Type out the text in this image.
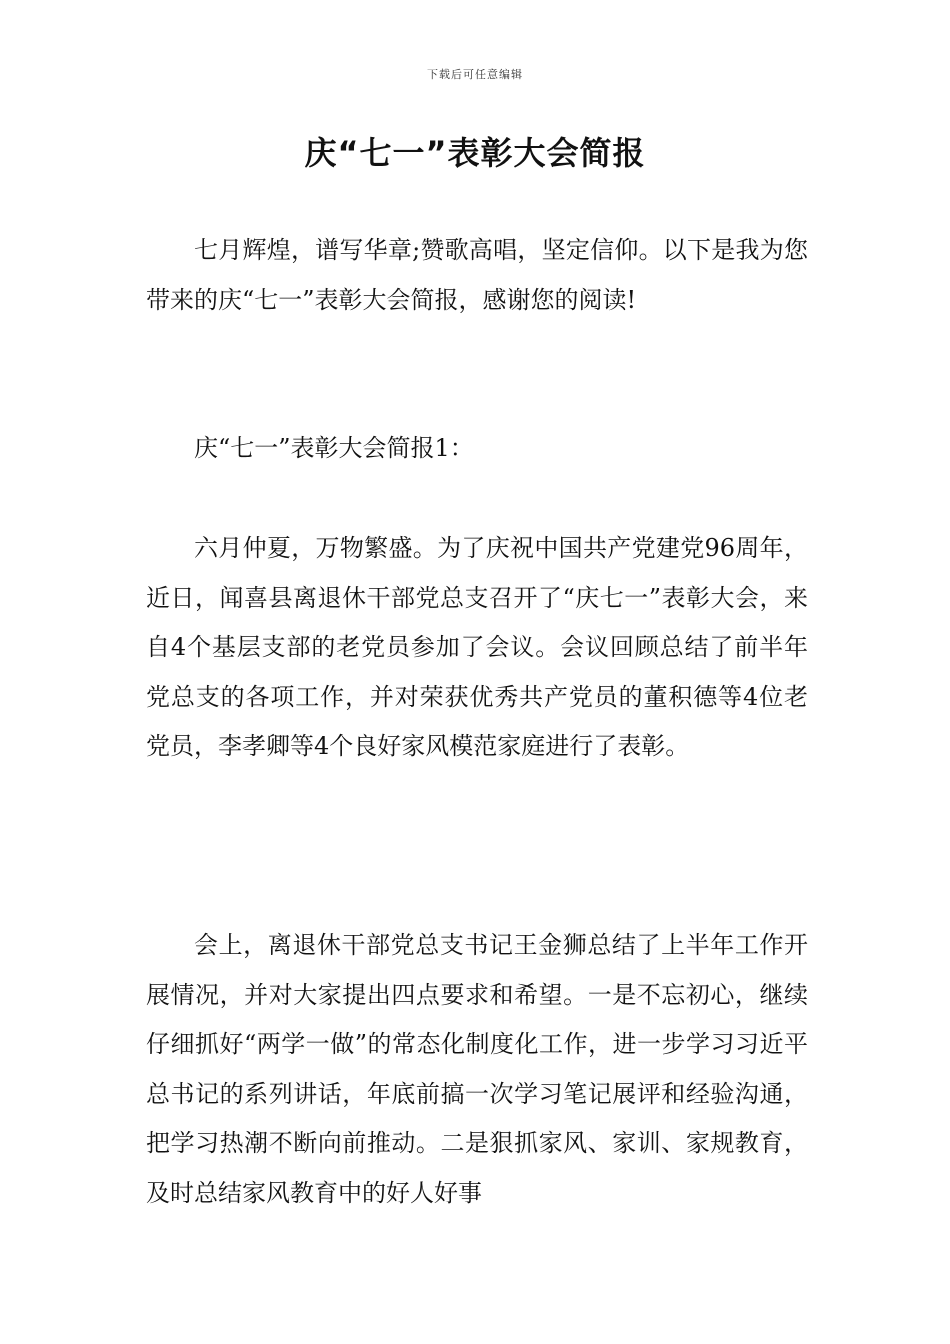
下载后可任意编辑
庆“七一”表彰大会简报

七月辉煌，谱写华章;赞歌高唱，坚定信仰。以下是我为您带来的庆“七一”表彰大会简报，感谢您的阅读!

庆“七一”表彰大会简报1：

六月仲夏，万物繁盛。为了庆祝中国共产党建党96周年，近日，闻喜县离退休干部党总支召开了“庆七一”表彰大会，来自4个基层支部的老党员参加了会议。会议回顾总结了前半年党总支的各项工作，并对荣获优秀共产党员的董积德等4位老党员，李孝卿等4个良好家风模范家庭进行了表彰。

会上，离退休干部党总支书记王金狮总结了上半年工作开展情况，并对大家提出四点要求和希望。一是不忘初心，继续仔细抓好“两学一做”的常态化制度化工作，进一步学习习近平总书记的系列讲话，年底前搞一次学习笔记展评和经验沟通，把学习热潮不断向前推动。二是狠抓家风、家训、家规教育，及时总结家风教育中的好人好事
